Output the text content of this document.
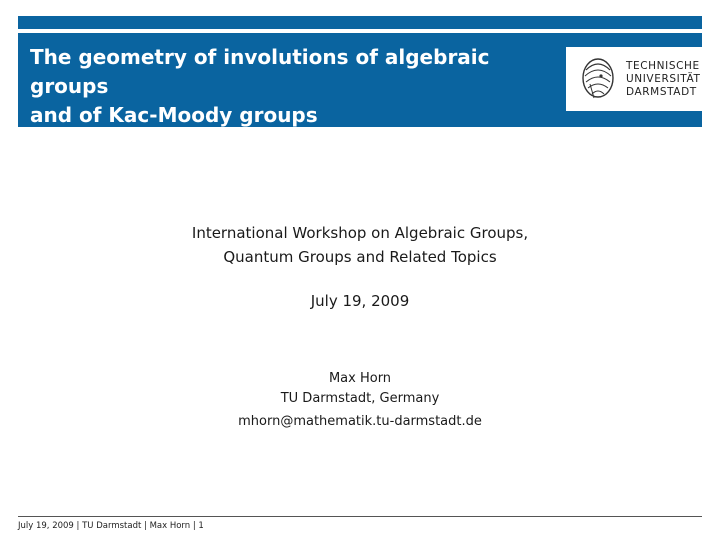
The geometry of involutions of algebraic groups
and of Kac-Moody groups
TECHNISCHE
UNIVERSITÄT
DARMSTADT
International Workshop on Algebraic Groups,
Quantum Groups and Related Topics
July 19, 2009
Max Horn
TU Darmstadt, Germany
mhorn@mathematik.tu-darmstadt.de
July 19, 2009 | TU Darmstadt | Max Horn | 1
